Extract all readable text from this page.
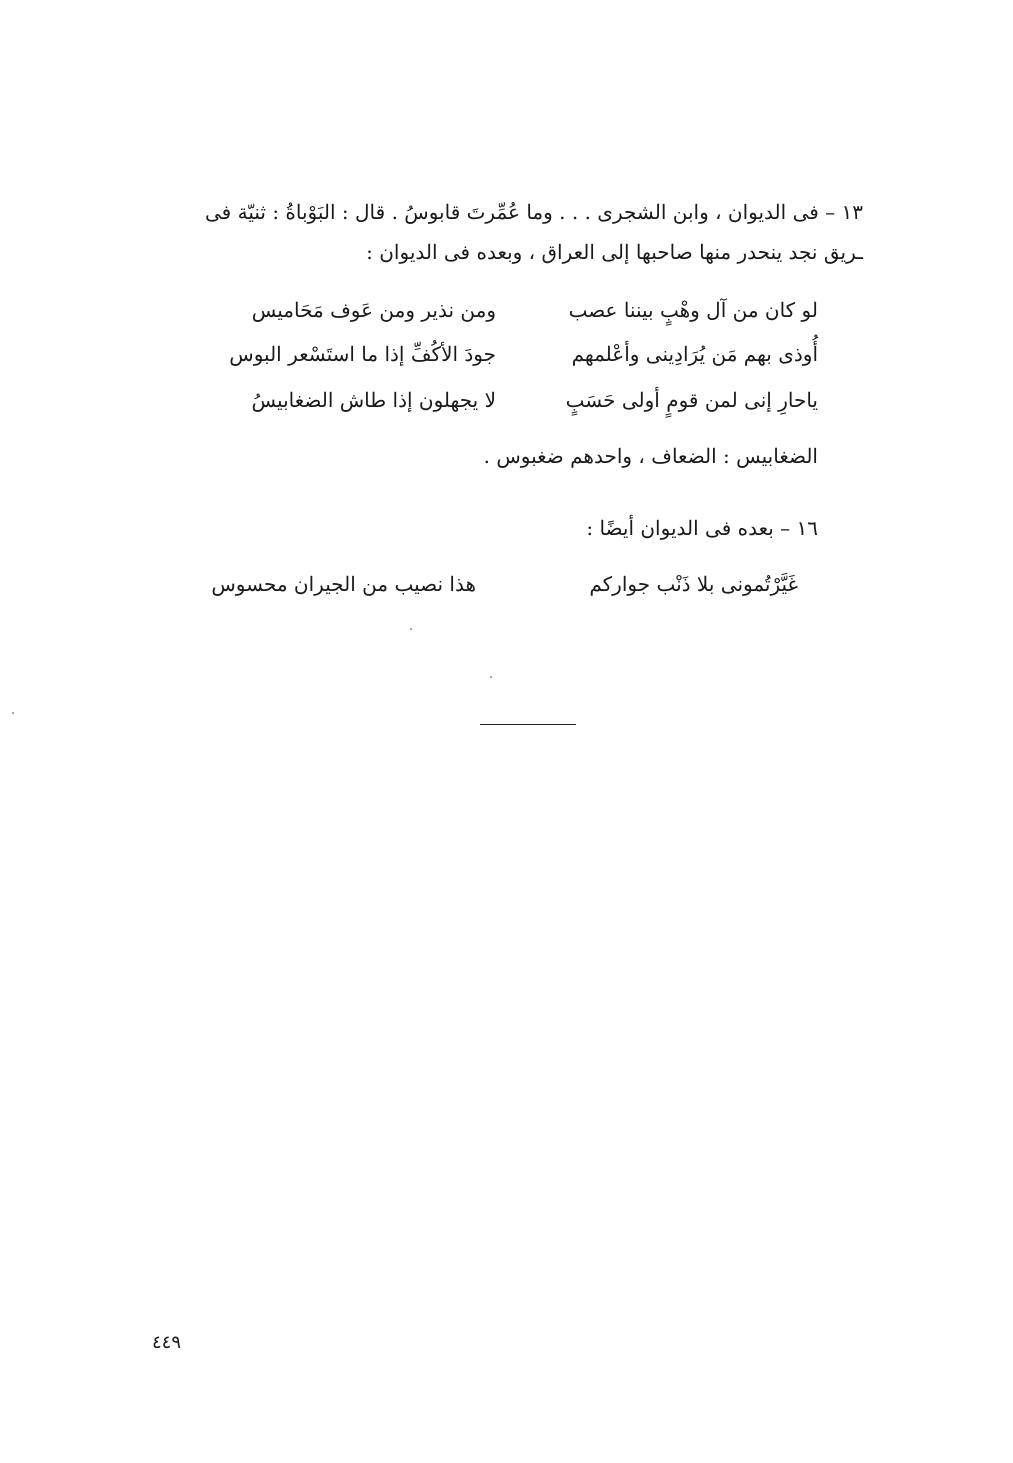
١٣ – فى الديوان ، وابن الشجرى . . . وما عُمِّرتَ قابوسُ . قال : البَوْباةُ : ثنيّة فى
ـريق نجد ينحدر منها صاحبها إلى العراق ، وبعده فى الديوان :
لو كان من آل وهْبٍ بيننا عصب
ومن نذير ومن عَوف مَحَاميس
أُوذى بهم مَن يُرَادِينى وأعْلمهم
جودَ الأكُفِّ إذا ما استَسْعر البوس
ياحارِ إنى لمن قومٍ أولى حَسَبٍ
لا يجهلون إذا طاش الضغابيسُ
الضغابيس : الضعاف ، واحدهم ضغبوس .
١٦ – بعده فى الديوان أيضًا :
غَيَّرْتُمونى بلا ذَنْب جواركم
هذا نصيب من الجيران محسوس
٤٤٩
